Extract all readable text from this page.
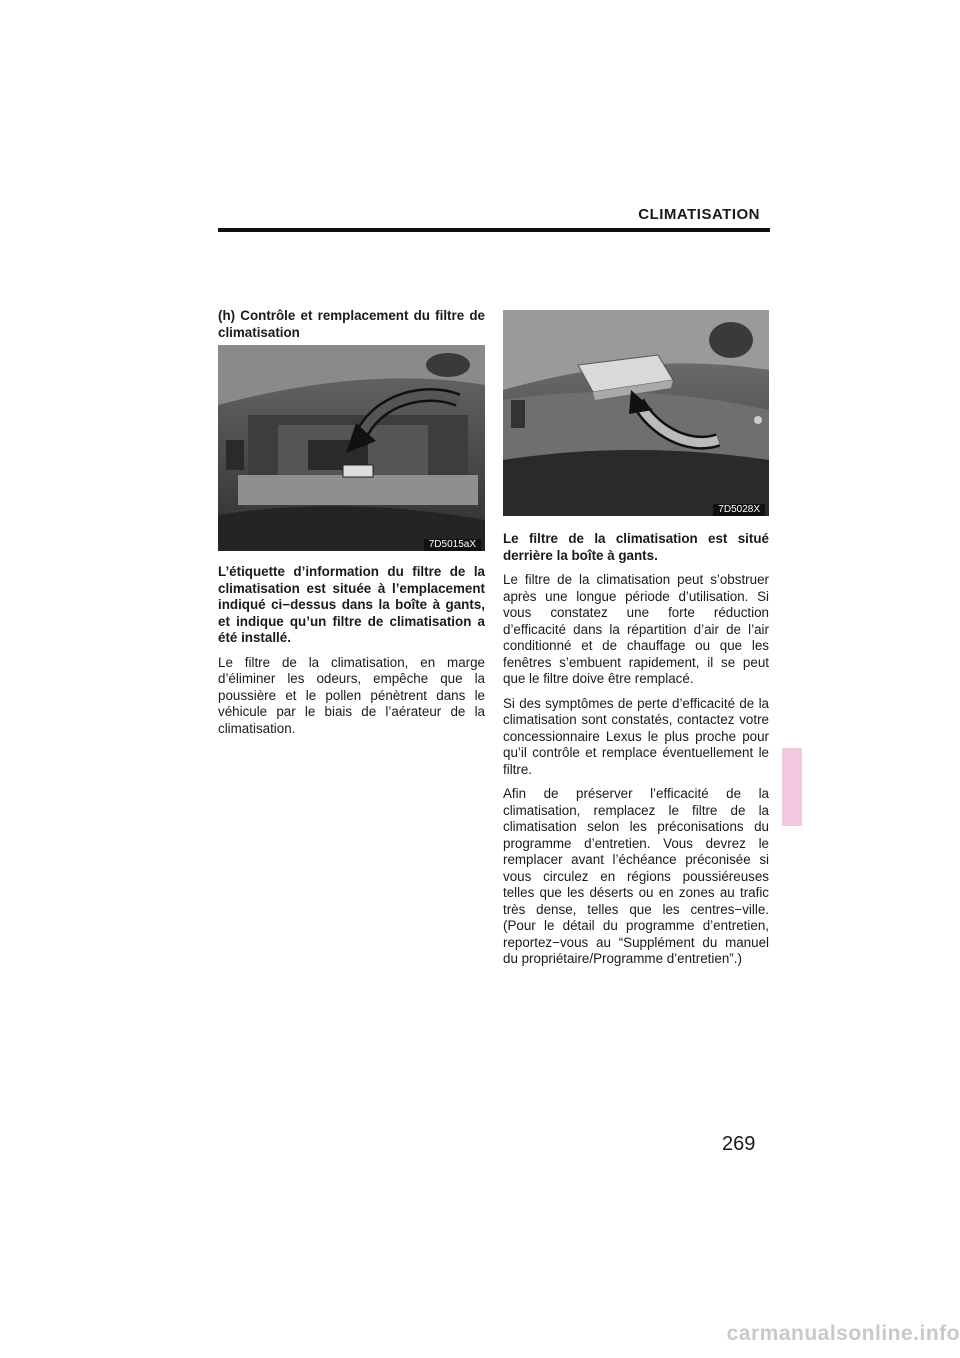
CLIMATISATION

(h) Contrôle et remplacement du filtre de climatisation

7D5015aX

L’étiquette d’information du filtre de la climatisation est située à l’emplacement indiqué ci−dessus dans la boîte à gants, et indique qu’un filtre de climatisation a été installé.

Le filtre de la climatisation, en marge d’éliminer les odeurs, empêche que la poussière et le pollen pénètrent dans le véhicule par le biais de l’aérateur de la climatisation.

7D5028X

Le filtre de la climatisation est situé derrière la boîte à gants.

Le filtre de la climatisation peut s’obstruer après une longue période d’utilisation. Si vous constatez une forte réduction d’efficacité dans la répartition d’air de l’air conditionné et de chauffage ou que les fenêtres s’embuent rapidement, il se peut que le filtre doive être remplacé.

Si des symptômes de perte d’efficacité de la climatisation sont constatés, contactez votre concessionnaire Lexus le plus proche pour qu’il contrôle et remplace éventuellement le filtre.

Afin de préserver l’efficacité de la climatisation, remplacez le filtre de la climatisation selon les préconisations du programme d’entretien. Vous devrez le remplacer avant l’échéance préconisée si vous circulez en régions poussiéreuses telles que les déserts ou en zones au trafic très dense, telles que les centres−ville. (Pour le détail du programme d’entretien, reportez−vous au “Supplément du manuel du propriétaire/Programme d’entretien”.)

269
carmanualsonline.info
